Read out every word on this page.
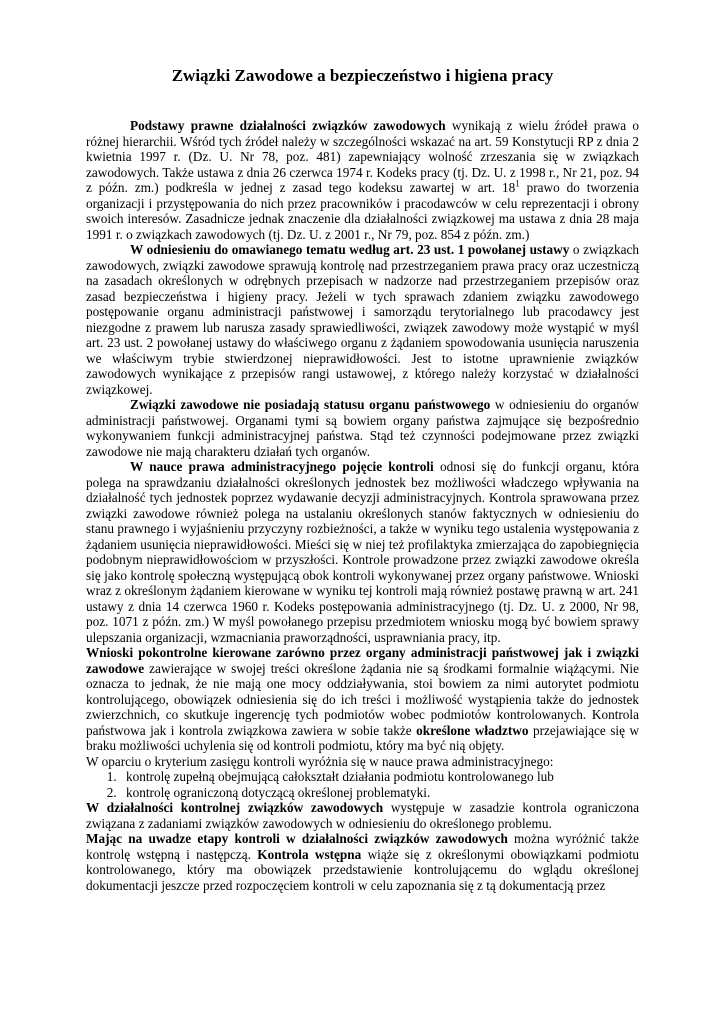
Związki Zawodowe a bezpieczeństwo i higiena pracy

Podstawy prawne działalności związków zawodowych wynikają z wielu źródeł prawa o różnej hierarchii. Wśród tych źródeł należy w szczególności wskazać na art. 59 Konstytucji RP z dnia 2 kwietnia 1997 r. (Dz. U. Nr 78, poz. 481) zapewniający wolność zrzeszania się w związkach zawodowych. Także ustawa z dnia 26 czerwca 1974 r. Kodeks pracy (tj. Dz. U. z 1998 r., Nr 21, poz. 94 z późn. zm.) podkreśla w jednej z zasad tego kodeksu zawartej w art. $18^1$ prawo do tworzenia organizacji i przystępowania do nich przez pracowników i pracodawców w celu reprezentacji i obrony swoich interesów. Zasadnicze jednak znaczenie dla działalności związkowej ma ustawa z dnia 28 maja 1991 r. o związkach zawodowych (tj. Dz. U. z 2001 r., Nr 79, poz. 854 z późn. zm.)

W odniesieniu do omawianego tematu według art. 23 ust. 1 powołanej ustawy o związkach zawodowych, związki zawodowe sprawują kontrolę nad przestrzeganiem prawa pracy oraz uczestniczą na zasadach określonych w odrębnych przepisach w nadzorze nad przestrzeganiem przepisów oraz zasad bezpieczeństwa i higieny pracy. Jeżeli w tych sprawach zdaniem związku zawodowego postępowanie organu administracji państwowej i samorządu terytorialnego lub pracodawcy jest niezgodne z prawem lub narusza zasady sprawiedliwości, związek zawodowy może wystąpić w myśl art. 23 ust. 2 powołanej ustawy do właściwego organu z żądaniem spowodowania usunięcia naruszenia we właściwym trybie stwierdzonej nieprawidłowości. Jest to istotne uprawnienie związków zawodowych wynikające z przepisów rangi ustawowej, z którego należy korzystać w działalności związkowej.

Związki zawodowe nie posiadają statusu organu państwowego w odniesieniu do organów administracji państwowej. Organami tymi są bowiem organy państwa zajmujące się bezpośrednio wykonywaniem funkcji administracyjnej państwa. Stąd też czynności podejmowane przez związki zawodowe nie mają charakteru działań tych organów.

W nauce prawa administracyjnego pojęcie kontroli odnosi się do funkcji organu, która polega na sprawdzaniu działalności określonych jednostek bez możliwości władczego wpływania na działalność tych jednostek poprzez wydawanie decyzji administracyjnych. Kontrola sprawowana przez związki zawodowe również polega na ustalaniu określonych stanów faktycznych w odniesieniu do stanu prawnego i wyjaśnieniu przyczyny rozbieżności, a także w wyniku tego ustalenia występowania z żądaniem usunięcia nieprawidłowości. Mieści się w niej też profilaktyka zmierzająca do zapobiegnięcia podobnym nieprawidłowościom w przyszłości. Kontrole prowadzone przez związki zawodowe określa się jako kontrolę społeczną występującą obok kontroli wykonywanej przez organy państwowe. Wnioski wraz z określonym żądaniem kierowane w wyniku tej kontroli mają również postawę prawną w art. 241 ustawy z dnia 14 czerwca 1960 r. Kodeks postępowania administracyjnego (tj. Dz. U. z 2000, Nr 98, poz. 1071 z późn. zm.) W myśl powołanego przepisu przedmiotem wniosku mogą być bowiem sprawy ulepszania organizacji, wzmacniania praworządności, usprawniania pracy, itp.

Wnioski pokontrolne kierowane zarówno przez organy administracji państwowej jak i związki zawodowe zawierające w swojej treści określone żądania nie są środkami formalnie wiążącymi. Nie oznacza to jednak, że nie mają one mocy oddziaływania, stoi bowiem za nimi autorytet podmiotu kontrolującego, obowiązek odniesienia się do ich treści i możliwość wystąpienia także do jednostek zwierzchnich, co skutkuje ingerencję tych podmiotów wobec podmiotów kontrolowanych. Kontrola państwowa jak i kontrola związkowa zawiera w sobie także określone władztwo przejawiające się w braku możliwości uchylenia się od kontroli podmiotu, który ma być nią objęty.

W oparciu o kryterium zasięgu kontroli wyróżnia się w nauce prawa administracyjnego:

1. kontrolę zupełną obejmującą całokształt działania podmiotu kontrolowanego lub
2. kontrolę ograniczoną dotyczącą określonej problematyki.

W działalności kontrolnej związków zawodowych występuje w zasadzie kontrola ograniczona związana z zadaniami związków zawodowych w odniesieniu do określonego problemu.

Mając na uwadze etapy kontroli w działalności związków zawodowych można wyróżnić także kontrolę wstępną i następczą. Kontrola wstępna wiąże się z określonymi obowiązkami podmiotu kontrolowanego, który ma obowiązek przedstawienie kontrolującemu do wglądu określonej dokumentacji jeszcze przed rozpoczęciem kontroli w celu zapoznania się z tą dokumentacją przez
